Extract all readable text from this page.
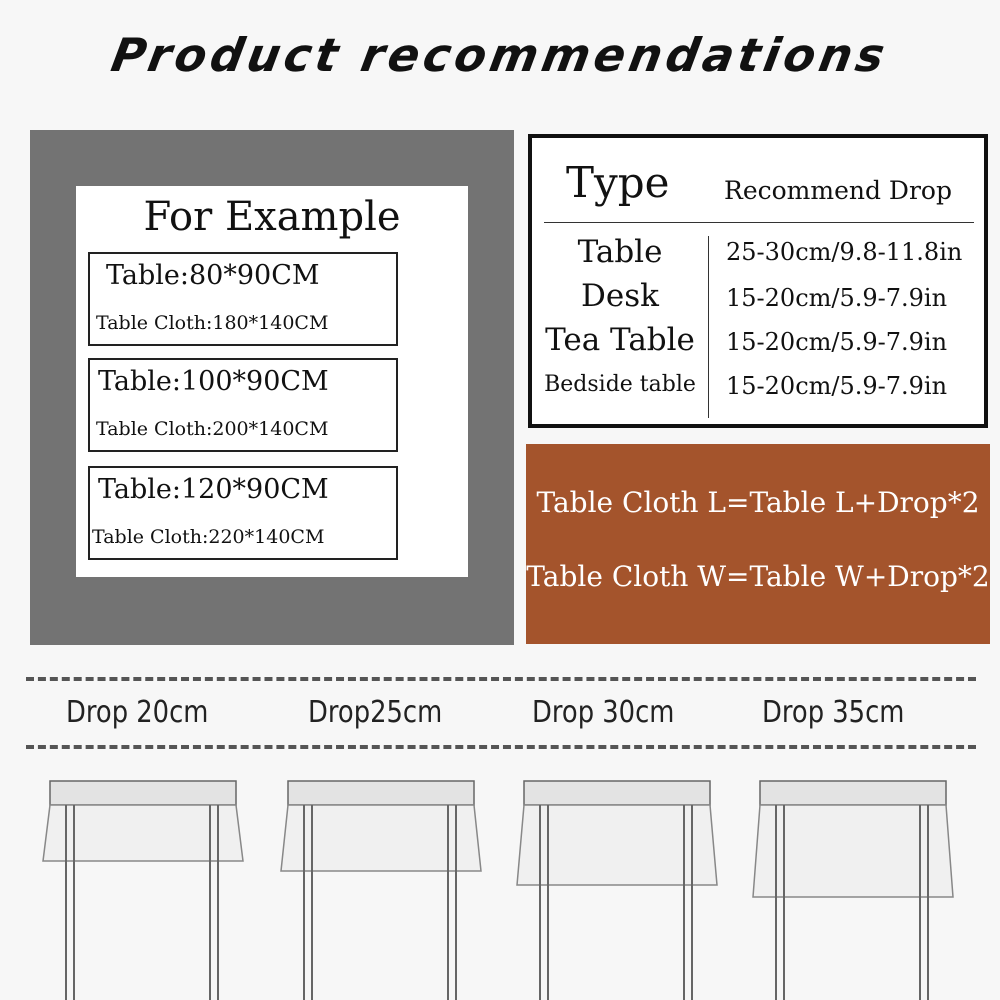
Product recommendations
For Example
Table:80*90CM
Table Cloth:180*140CM
Table:100*90CM
Table Cloth:200*140CM
Table:120*90CM
Table Cloth:220*140CM
Type Recommend Drop
Table	25-30cm/9.8-11.8in
Desk	15-20cm/5.9-7.9in
Tea Table	15-20cm/5.9-7.9in
Bedside table	15-20cm/5.9-7.9in
Table Cloth L=Table L+Drop*2
Table Cloth W=Table W+Drop*2
Drop 20cm	Drop25cm	Drop 30cm	Drop 35cm
